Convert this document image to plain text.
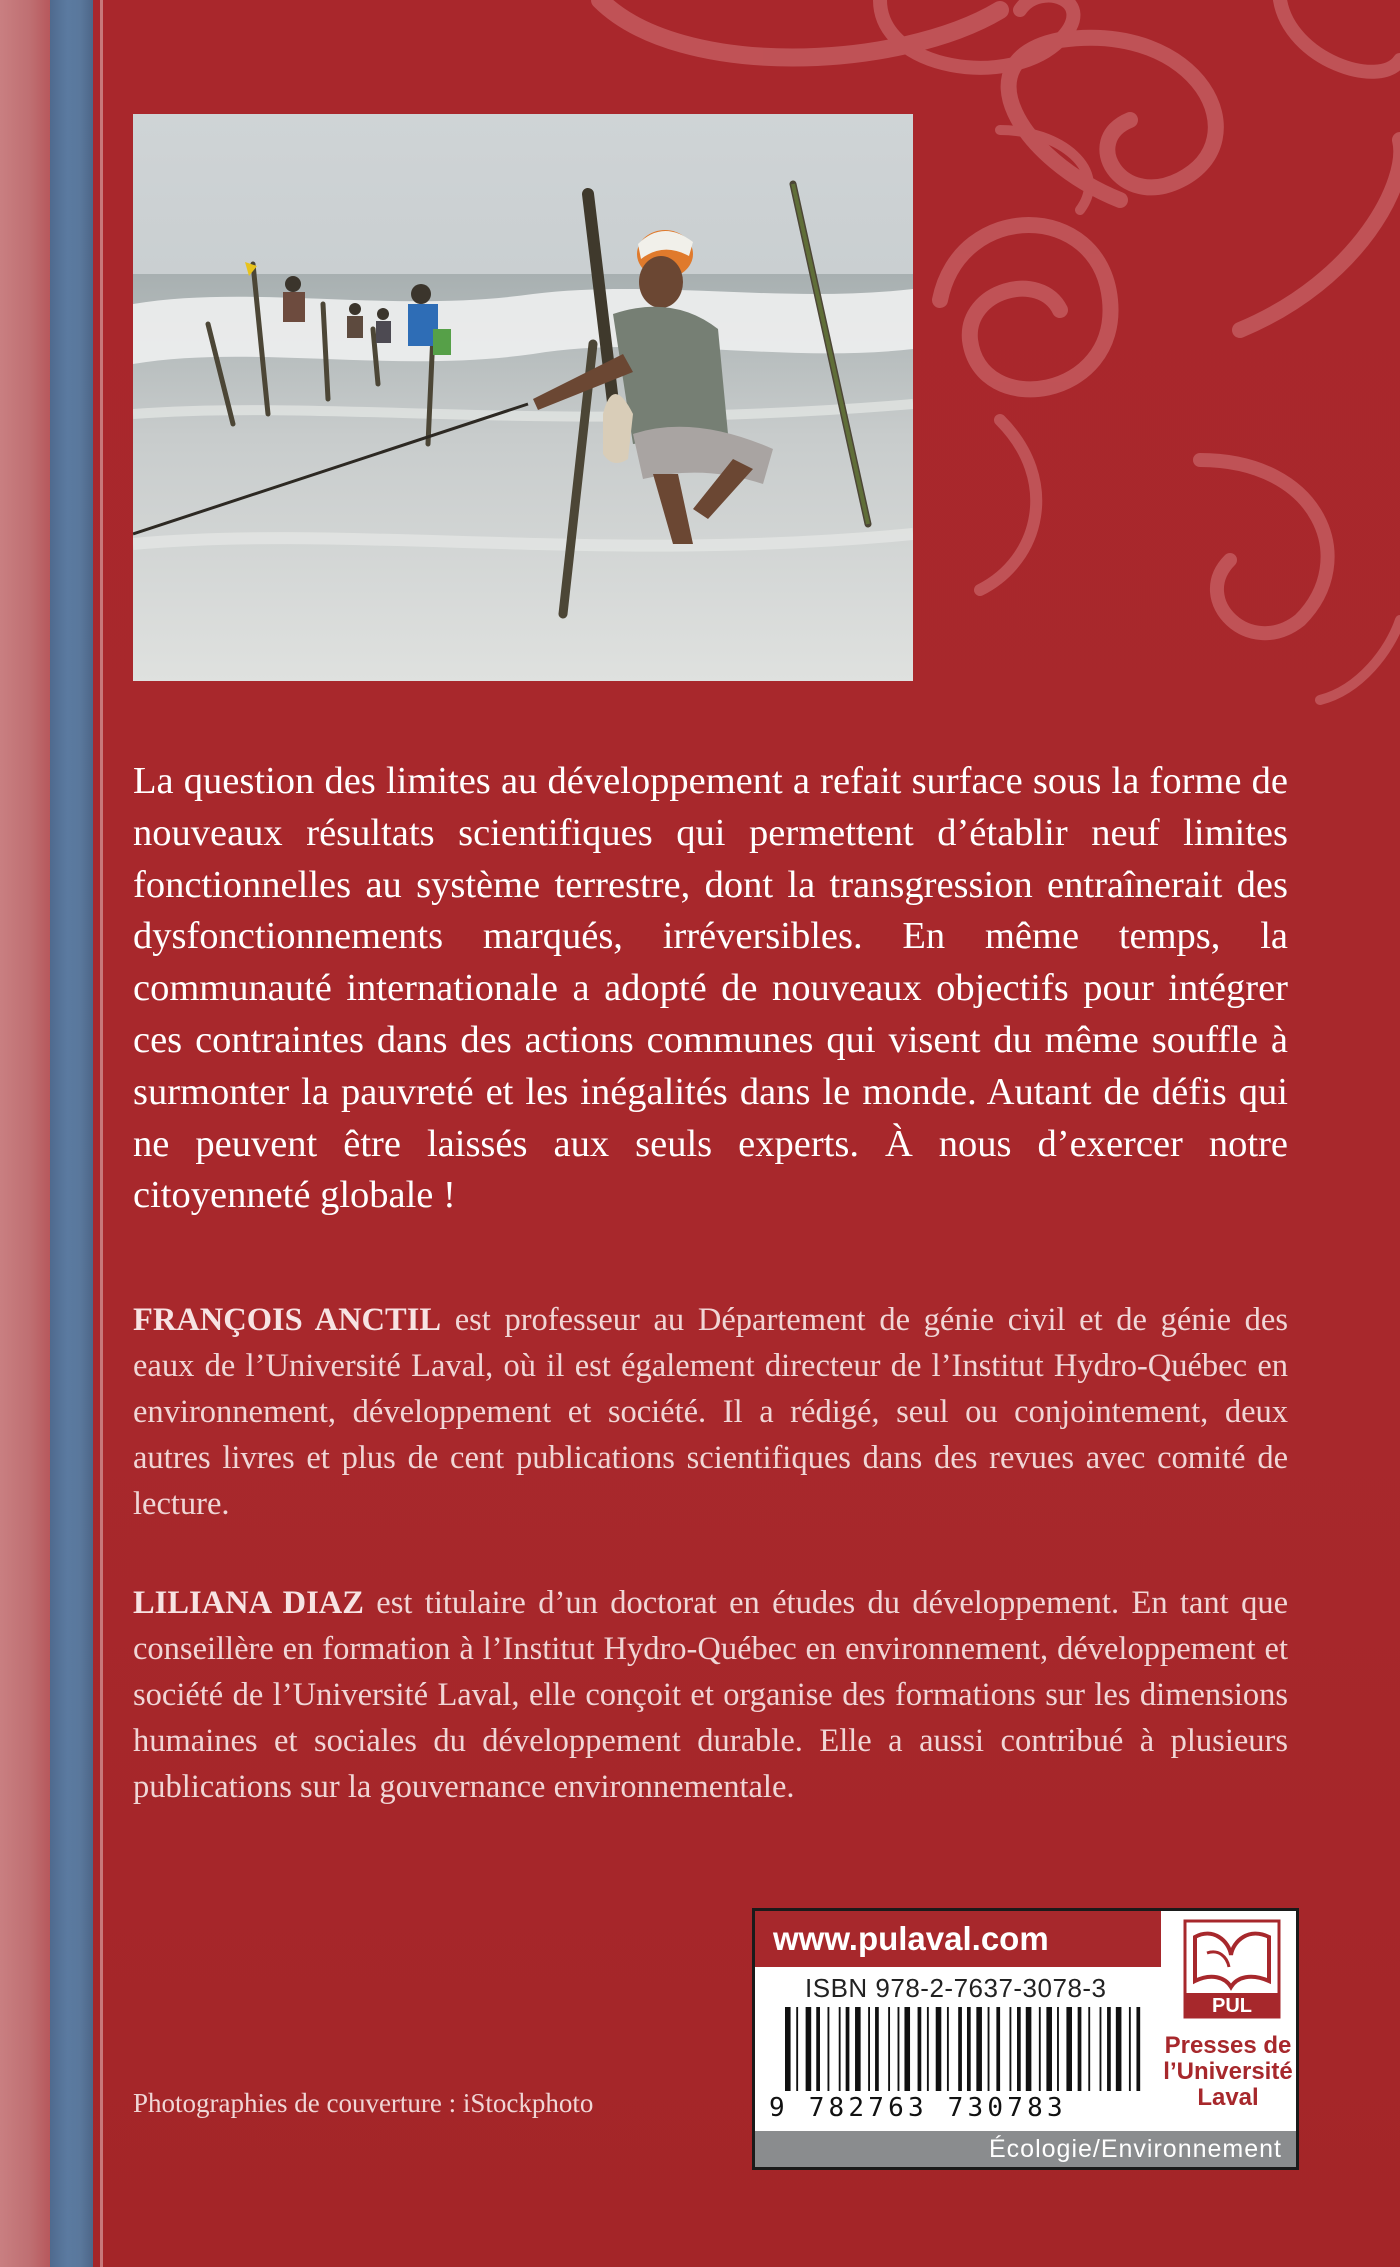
La question des limites au développement a refait surface sous la forme de nouveaux résultats scientifiques qui permettent d’établir neuf limites fonctionnelles au système terrestre, dont la transgression entraînerait des dysfonctionnements marqués, irréversibles. En même temps, la communauté internationale a adopté de nouveaux objectifs pour intégrer ces contraintes dans des actions communes qui visent du même souffle à surmonter la pauvreté et les inégalités dans le monde. Autant de défis qui ne peuvent être laissés aux seuls experts. À nous d’exercer notre citoyenneté globale !

FRANÇOIS ANCTIL est professeur au Département de génie civil et de génie des eaux de l’Université Laval, où il est également directeur de l’Institut Hydro-Québec en environnement, développement et société. Il a rédigé, seul ou conjointement, deux autres livres et plus de cent publications scientifiques dans des revues avec comité de lecture.

LILIANA DIAZ est titulaire d’un doctorat en études du développement. En tant que conseillère en formation à l’Institut Hydro-Québec en environnement, développement et société de l’Université Laval, elle conçoit et organise des formations sur les dimensions humaines et sociales du développement durable. Elle a aussi contribué à plusieurs publications sur la gouvernance environnementale.

Photographies de couverture : iStockphoto

www.pulaval.com
ISBN 978-2-7637-3078-3
9 782763 730783
PUL
Presses de
l’Université
Laval
Écologie/Environnement
